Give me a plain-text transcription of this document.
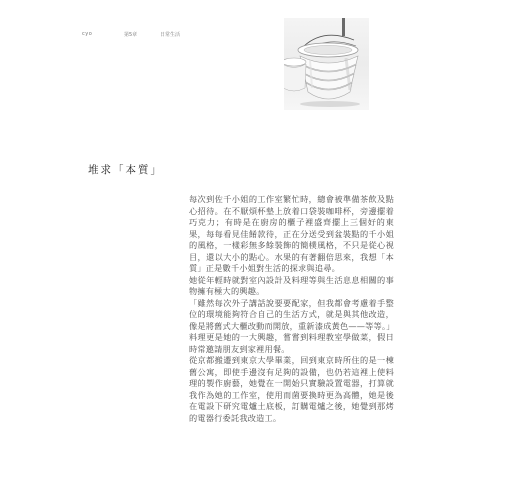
cyo	第5章	日常生活
堆求「本質」

每次到佐千小姐的工作室繁忙時，總會被準備茶飲及點心招待。在不厭煩杯墊上放着口袋裝咖啡杯，旁邊擺着巧克力；有時是在廚房的櫃子裡盛齊擺上三個好的東果，每每看見佳餚款待，正在分送受到盆裝點的千小姐的風格，一樣彩無多餘裝飾的簡樸風格，不只是從心視目，還以大小的點心。水果的有著翻倍思來，我想「本質」正是數千小姐對生活的探求與追尋。

她從年輕時就對室內設計及料理等與生活息息相關的事物擁有極大的興趣。

「雖然每次外子講話說要要配家，但我都會考慮着手整位的環境能夠符合自己的生活方式，就是與其他改造，像是將舊式大櫃改動而開放，重新漆成黃色——等等。」

料理更是她的一大興趣，嘗嘗到料理教室學做菜，假日時常邀請朋友到家裡用餐。

從京都搬遷到東京大學畢業，回到東京時所住的是一棟舊公寓，即使手邊沒有足夠的設備，也仍若這裡上使料理的製作廚藝，她覺在一開始只實驗設置電器，打算就我作為她的工作室，使用而菌要換時更為高體，她是後在電設下研究電爐土底板，訂購電爐之後，她覺到那烤的電器行委託我改造工。
